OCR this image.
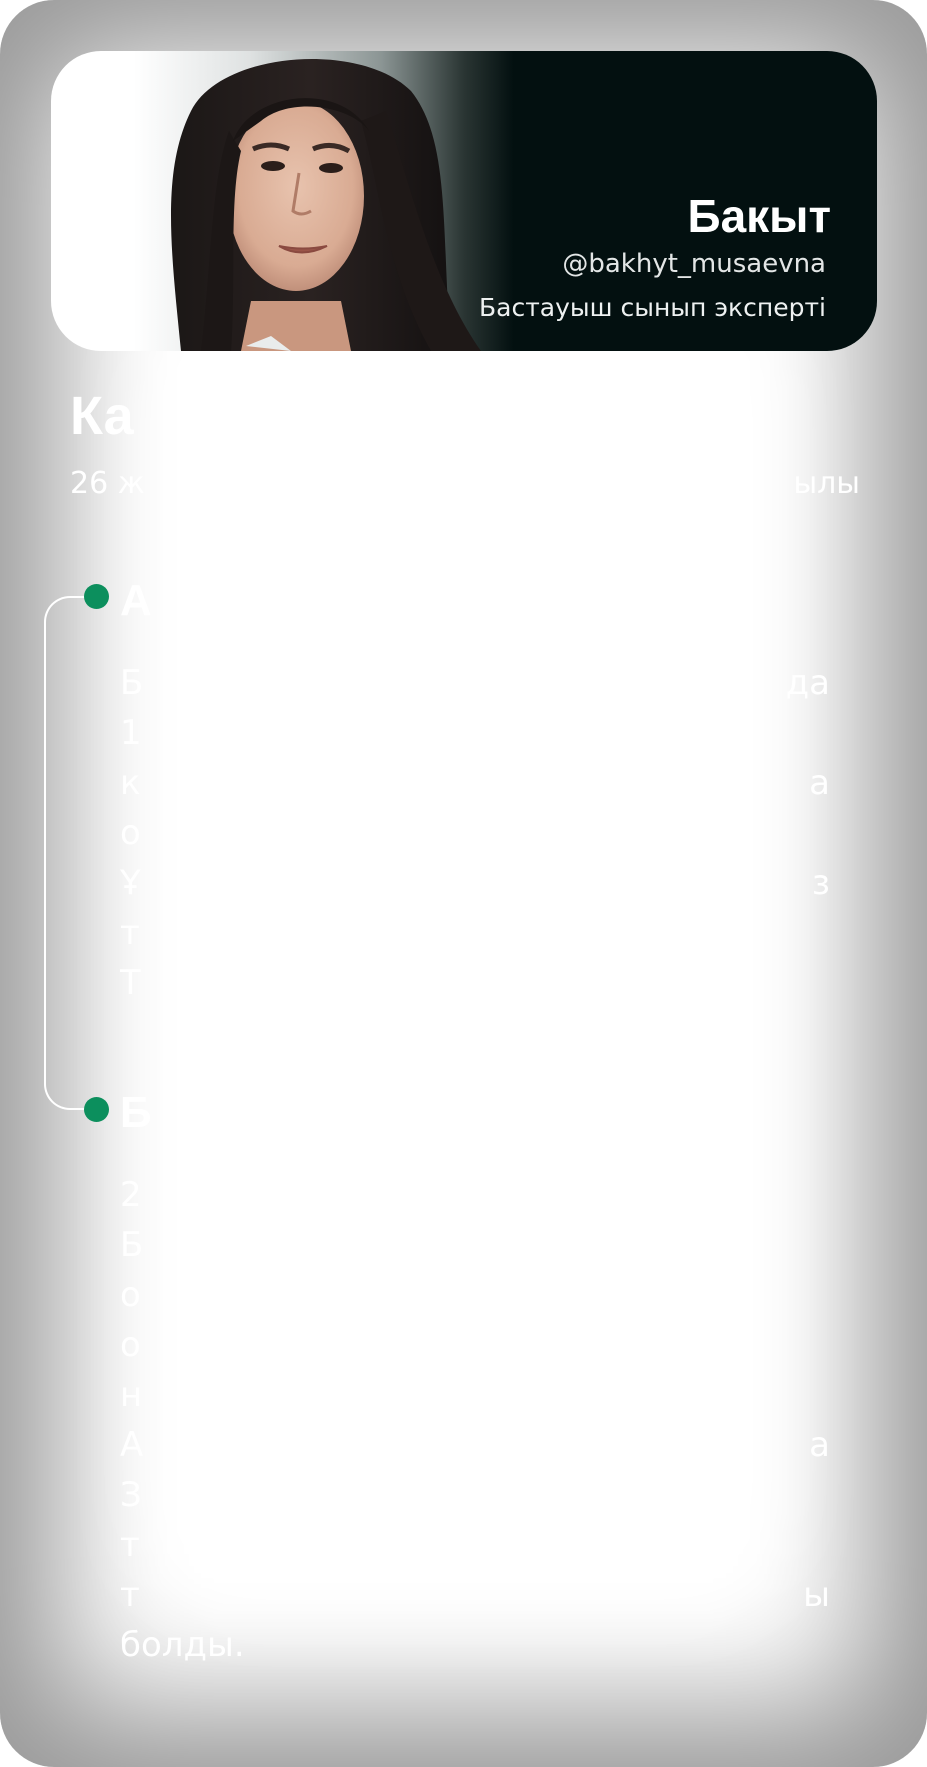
Бакыт
@bakhyt_musaevna
Бастауыш сынып эксперті
Ка
26 ж	ылы
А
Б	да
1
к	а
о
Ұ	з
т
Т
Б
2
Б
о
о
н
А	а
З
т
т	ы
болды.
